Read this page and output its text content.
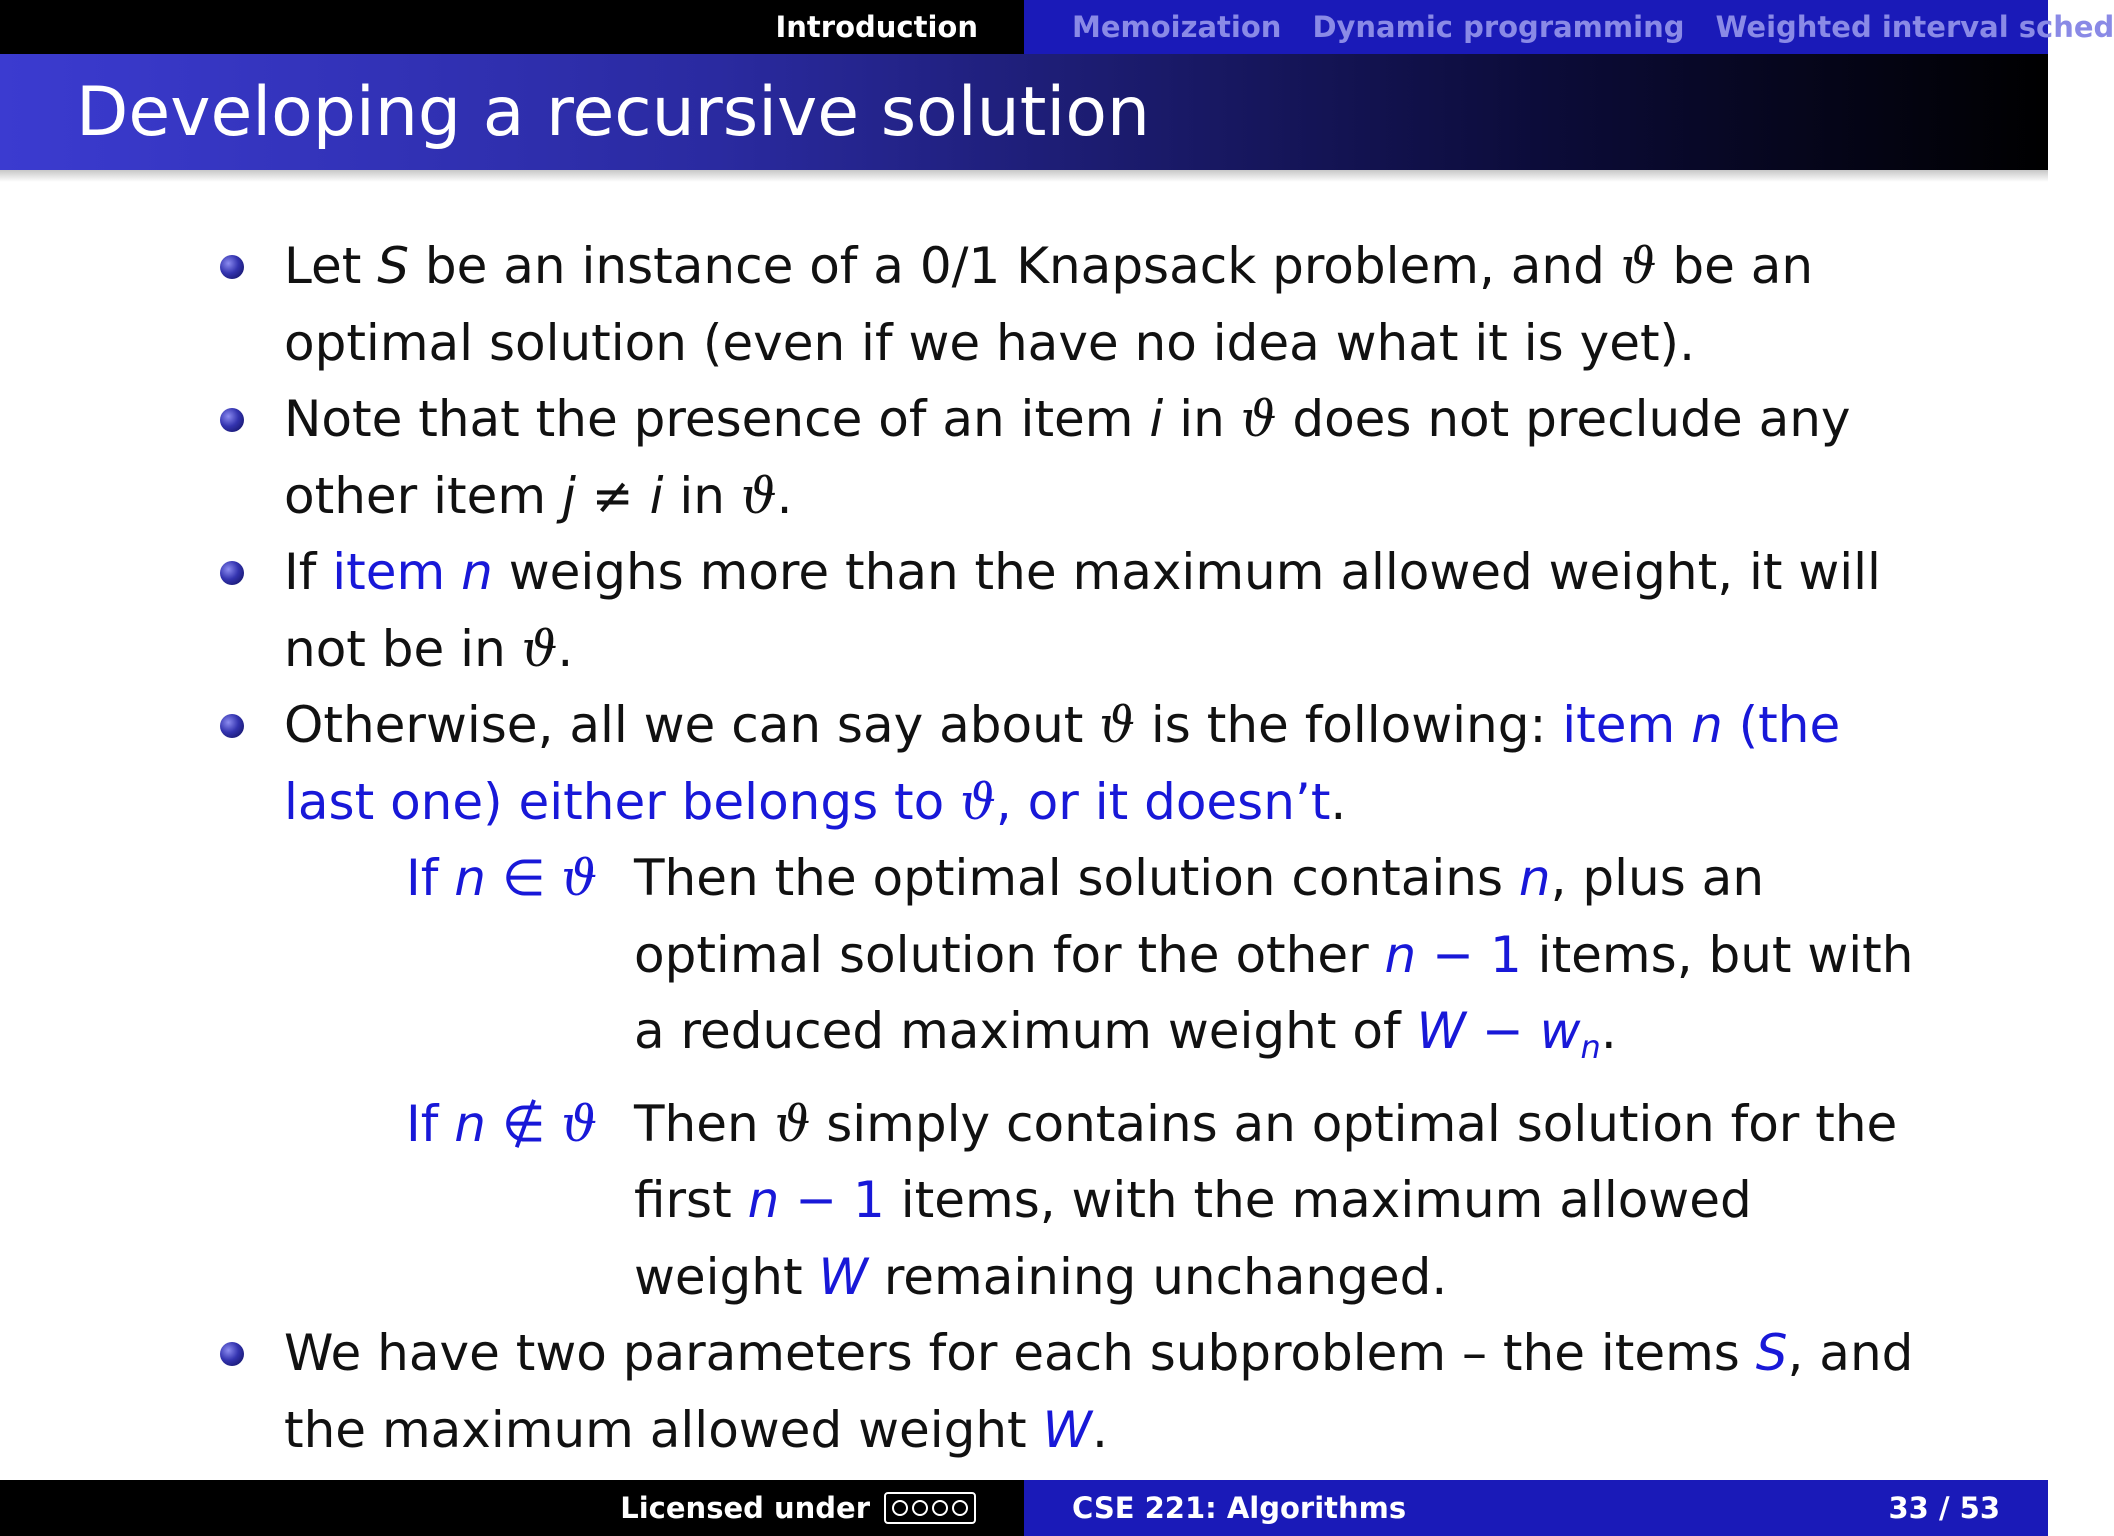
Introduction	Memoization Dynamic programming Weighted interval sched
Developing a recursive solution
Let S be an instance of a 0/1 Knapsack problem, and ϑ be an optimal solution (even if we have no idea what it is yet).
Note that the presence of an item i in ϑ does not preclude any other item j ≠ i in ϑ.
If item n weighs more than the maximum allowed weight, it will not be in ϑ.
Otherwise, all we can say about ϑ is the following: item n (the last one) either belongs to ϑ, or it doesn’t.
If n ∈ ϑ Then the optimal solution contains n, plus an optimal solution for the other n − 1 items, but with a reduced maximum weight of $W - w_n$.
If n ∉ ϑ Then ϑ simply contains an optimal solution for the first n − 1 items, with the maximum allowed weight W remaining unchanged.
We have two parameters for each subproblem – the items S, and the maximum allowed weight W.
Licensed under	CSE 221: Algorithms	33 / 53
